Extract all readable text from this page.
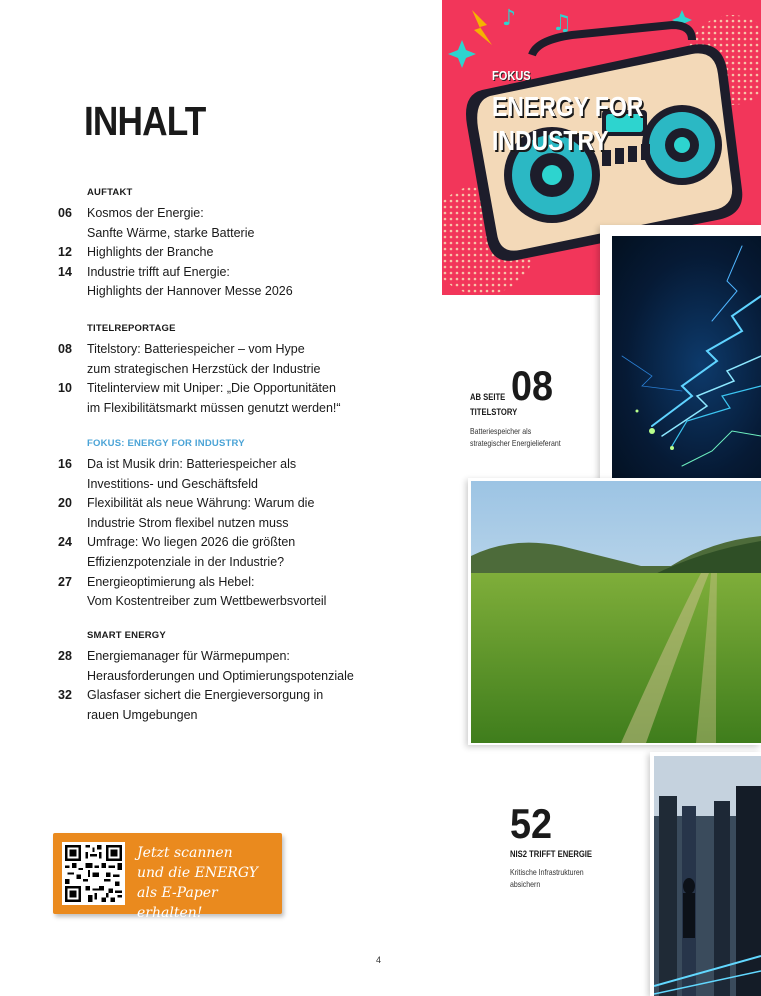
INHALT
AUFTAKT
06	Kosmos der Energie:
Sanfte Wärme, starke Batterie
12	Highlights der Branche
14	Industrie trifft auf Energie:
Highlights der Hannover Messe 2026
TITELREPORTAGE
08	Titelstory: Batteriespeicher – vom Hype
zum strategischen Herzstück der Industrie
10	Titelinterview mit Uniper: „Die Opportunitäten
im Flexibilitätsmarkt müssen genutzt werden!“
FOKUS: ENERGY FOR INDUSTRY
16	Da ist Musik drin: Batteriespeicher als
Investitions- und Geschäftsfeld
20	Flexibilität als neue Währung: Warum die
Industrie Strom flexibel nutzen muss
24	Umfrage: Wo liegen 2026 die größten
Effizienzpotenziale in der Industrie?
27	Energieoptimierung als Hebel:
Vom Kostentreiber zum Wettbewerbsvorteil
SMART ENERGY
28	Energiemanager für Wärmepumpen:
Herausforderungen und Optimierungspotenziale
32	Glasfaser sichert die Energieversorgung in
rauen Umgebungen
Jetzt scannen
und die ENERGY
als E-Paper erhalten!
♪ ♫
FOKUS
ENERGY FOR
INDUSTRY
AB SEITE 08
TITELSTORY
Batteriespeicher als
strategischer Energielieferant
52
NIS2 TRIFFT ENERGIE
Kritische Infrastrukturen
absichern
4
